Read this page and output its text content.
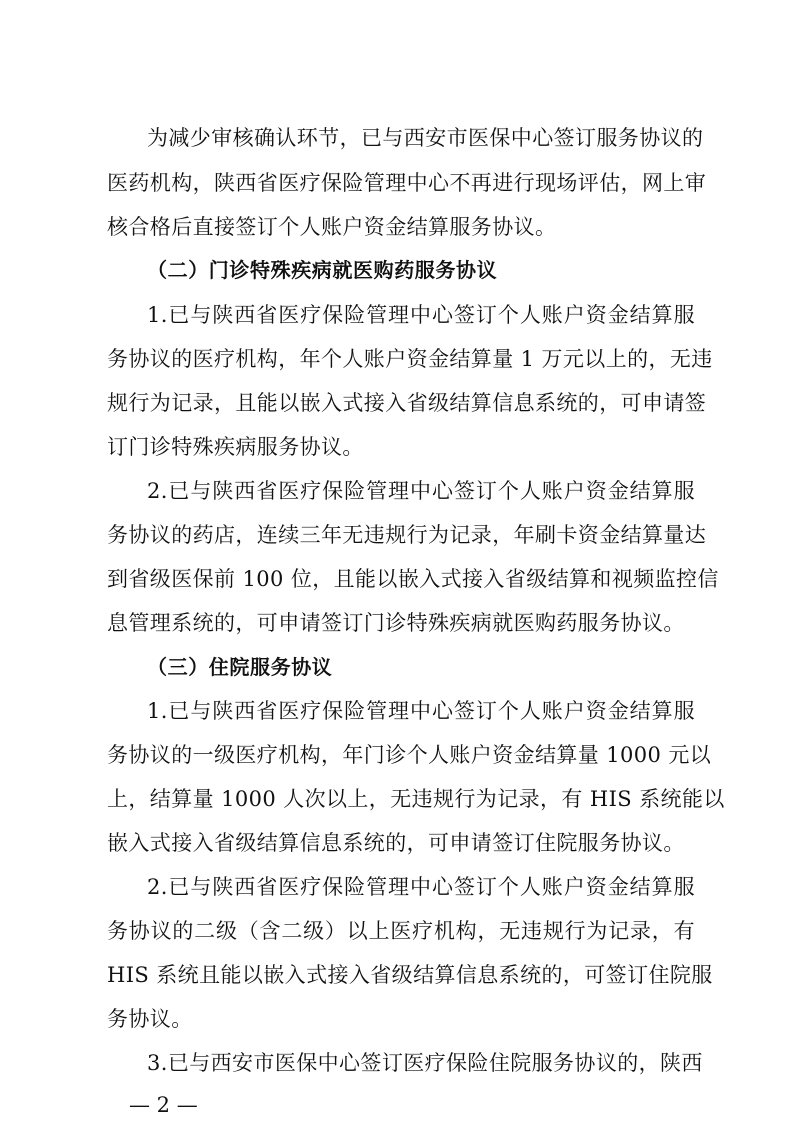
为减少审核确认环节，已与西安市医保中心签订服务协议的
医药机构，陕西省医疗保险管理中心不再进行现场评估，网上审
核合格后直接签订个人账户资金结算服务协议。
（二）门诊特殊疾病就医购药服务协议
1.已与陕西省医疗保险管理中心签订个人账户资金结算服
务协议的医疗机构，年个人账户资金结算量 1 万元以上的，无违
规行为记录，且能以嵌入式接入省级结算信息系统的，可申请签
订门诊特殊疾病服务协议。
2.已与陕西省医疗保险管理中心签订个人账户资金结算服
务协议的药店，连续三年无违规行为记录，年刷卡资金结算量达
到省级医保前 100 位，且能以嵌入式接入省级结算和视频监控信
息管理系统的，可申请签订门诊特殊疾病就医购药服务协议。
（三）住院服务协议
1.已与陕西省医疗保险管理中心签订个人账户资金结算服
务协议的一级医疗机构，年门诊个人账户资金结算量 1000 元以
上，结算量 1000 人次以上，无违规行为记录，有 HIS 系统能以
嵌入式接入省级结算信息系统的，可申请签订住院服务协议。
2.已与陕西省医疗保险管理中心签订个人账户资金结算服
务协议的二级（含二级）以上医疗机构，无违规行为记录，有
HIS 系统且能以嵌入式接入省级结算信息系统的，可签订住院服
务协议。
3.已与西安市医保中心签订医疗保险住院服务协议的，陕西
— 2 —
